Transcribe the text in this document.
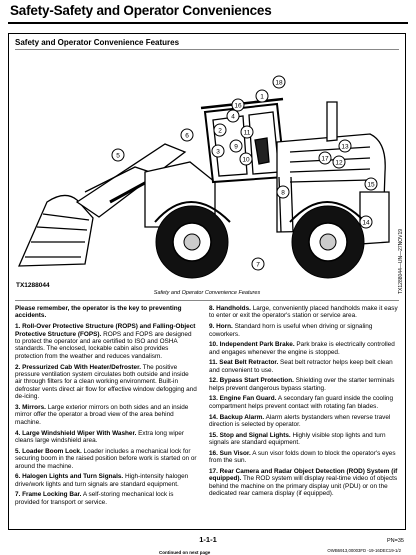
Safety-Safety and Operator Conveniences
Safety and Operator Convenience Features
1
2
3
4
5
6
7
8
9
10
11
12
13
14
15
16
17
18
TX1288044—UN—27NOV19
TX1288044
Safety and Operator Convenience Features

Please remember, the operator is the key to preventing accidents.

1. Roll-Over Protective Structure (ROPS) and Falling-Object Protective Structure (FOPS). ROPS and FOPS are designed to protect the operator and are certified to ISO and OSHA standards. The enclosed, lockable cabin also provides protection from the weather and reduces vandalism.

2. Pressurized Cab With Heater/Defroster. The positive pressure ventilation system circulates both outside and inside air through filters for a clean working environment. Built-in defroster vents direct air flow for effective window defogging and de-icing.

3. Mirrors. Large exterior mirrors on both sides and an inside mirror offer the operator a broad view of the area behind machine.

4. Large Windshield Wiper With Washer. Extra long wiper cleans large windshield area.

5. Loader Boom Lock. Loader includes a mechanical lock for securing boom in the raised position before work is started on or around the machine.

6. Halogen Lights and Turn Signals. High-intensity halogen drive/work lights and turn signals are standard equipment.

7. Frame Locking Bar. A self-storing mechanical lock is provided for transport or service.

8. Handholds. Large, conveniently placed handholds make it easy to enter or exit the operator's station or service area.

9. Horn. Standard horn is useful when driving or signaling coworkers.

10. Independent Park Brake. Park brake is electrically controlled and engages whenever the engine is stopped.

11. Seat Belt Retractor. Seat belt retractor helps keep belt clean and convenient to use.

12. Bypass Start Protection. Shielding over the starter terminals helps prevent dangerous bypass starting.

13. Engine Fan Guard. A secondary fan guard inside the cooling compartment helps prevent contact with rotating fan blades.

14. Backup Alarm. Alarm alerts bystanders when reverse travel direction is selected by operator.

15. Stop and Signal Lights. Highly visible stop lights and turn signals are standard equipment.

16. Sun Visor. A sun visor folds down to block the operator's eyes from the sun.

17. Rear Camera and Radar Object Detection (ROD) System (if equipped). The ROD system will display real-time video of objects behind the machine on the primary display unit (PDU) or on the dedicated rear camera display (if equipped).

Continued on next page	OWB6913,00003FD -19-16DEC19-1/2
1-1-1	PN=35
